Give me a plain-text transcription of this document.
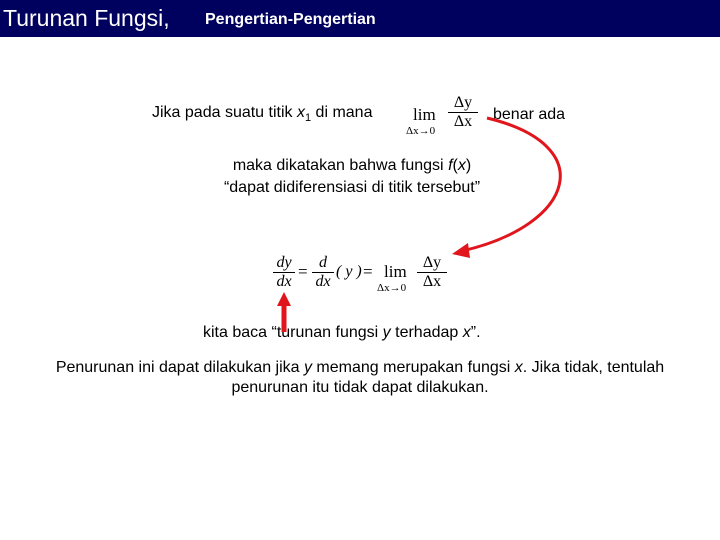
Turunan Fungsi, Pengertian-Pengertian
Jika pada suatu titik $x_1$ di mana lim
Δx→0
Δy
Δx	benar ada
maka dikatakan bahwa fungsi f(x)
“dapat didiferensiasi di titik tersebut”
dy
dx
= d
dx
( y ) = lim
Δx→0
Δy
Δx
kita baca “turunan fungsi y terhadap x”.
Penurunan ini dapat dilakukan jika y memang merupakan fungsi x. Jika tidak, tentulah penurunan itu tidak dapat dilakukan.
